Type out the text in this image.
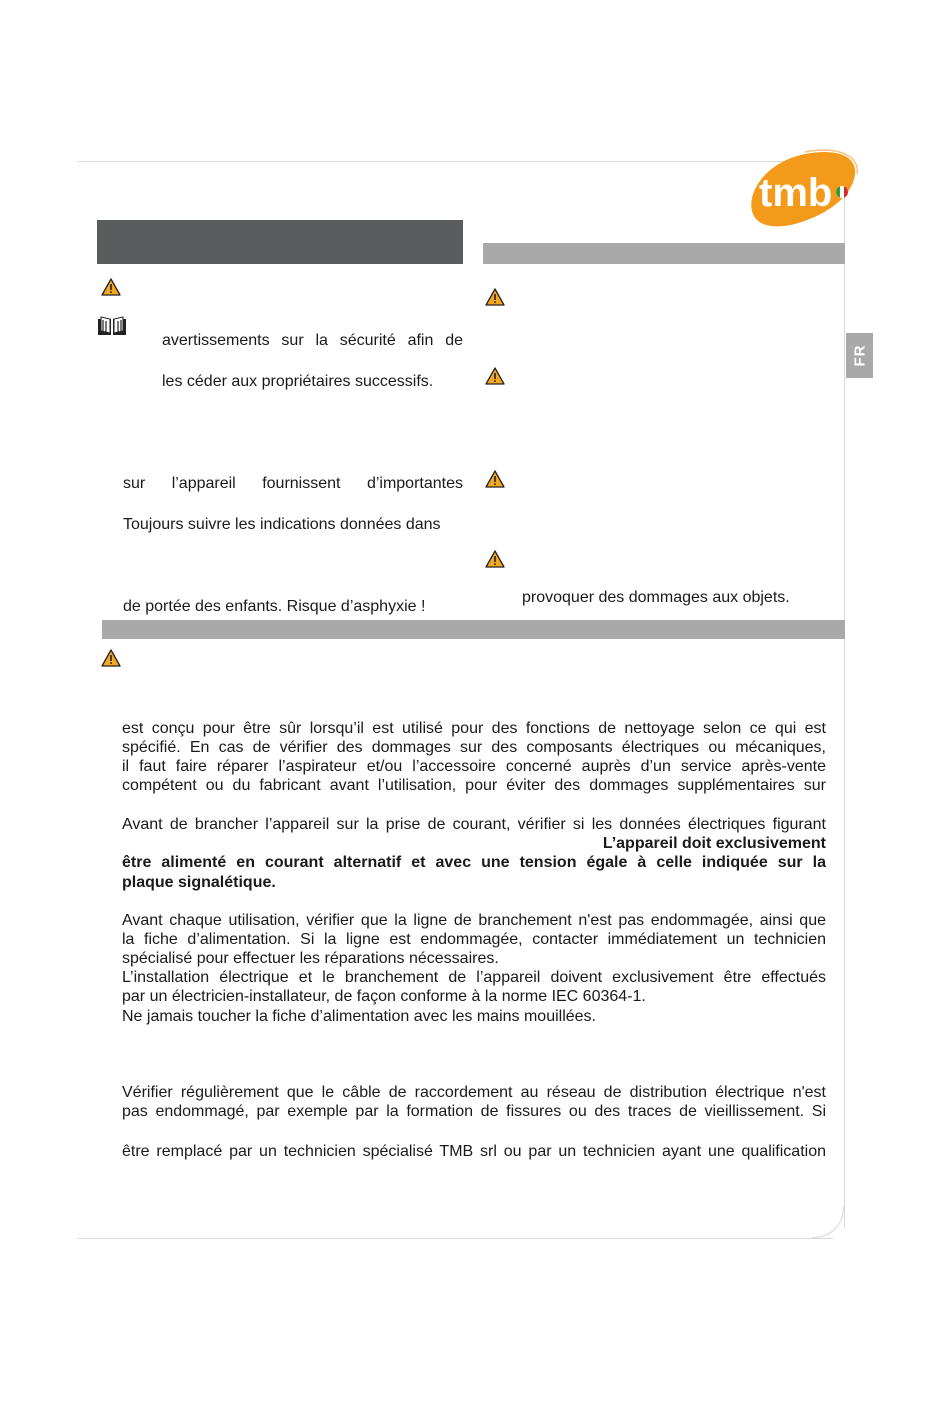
tmb
FR
avertissements sur la sécurité afin de
les céder aux propriétaires successifs.
sur l’appareil fournissent d’importantes
Toujours suivre les indications données dans
de portée des enfants. Risque d’asphyxie !
provoquer des dommages aux objets.
est conçu pour être sûr lorsqu’il est utilisé pour des fonctions de nettoyage selon ce qui est
spécifié. En cas de vérifier des dommages sur des composants électriques ou mécaniques,
il faut faire réparer l’aspirateur et/ou l’accessoire concerné auprès d’un service après-vente
compétent ou du fabricant avant l’utilisation, pour éviter des dommages supplémentaires sur
Avant de brancher l’appareil sur la prise de courant, vérifier si les données électriques figurant
L’appareil doit exclusivement
être alimenté en courant alternatif et avec une tension égale à celle indiquée sur la
plaque signalétique.
Avant chaque utilisation, vérifier que la ligne de branchement n'est pas endommagée, ainsi que
la fiche d’alimentation. Si la ligne est endommagée, contacter immédiatement un technicien
spécialisé pour effectuer les réparations nécessaires.
L’installation électrique et le branchement de l’appareil doivent exclusivement être effectués
par un électricien-installateur, de façon conforme à la norme IEC 60364-1.
Ne jamais toucher la fiche d’alimentation avec les mains mouillées.
Vérifier régulièrement que le câble de raccordement au réseau de distribution électrique n'est
pas endommagé, par exemple par la formation de fissures ou des traces de vieillissement. Si
être remplacé par un technicien spécialisé TMB srl ou par un technicien ayant une qualification
